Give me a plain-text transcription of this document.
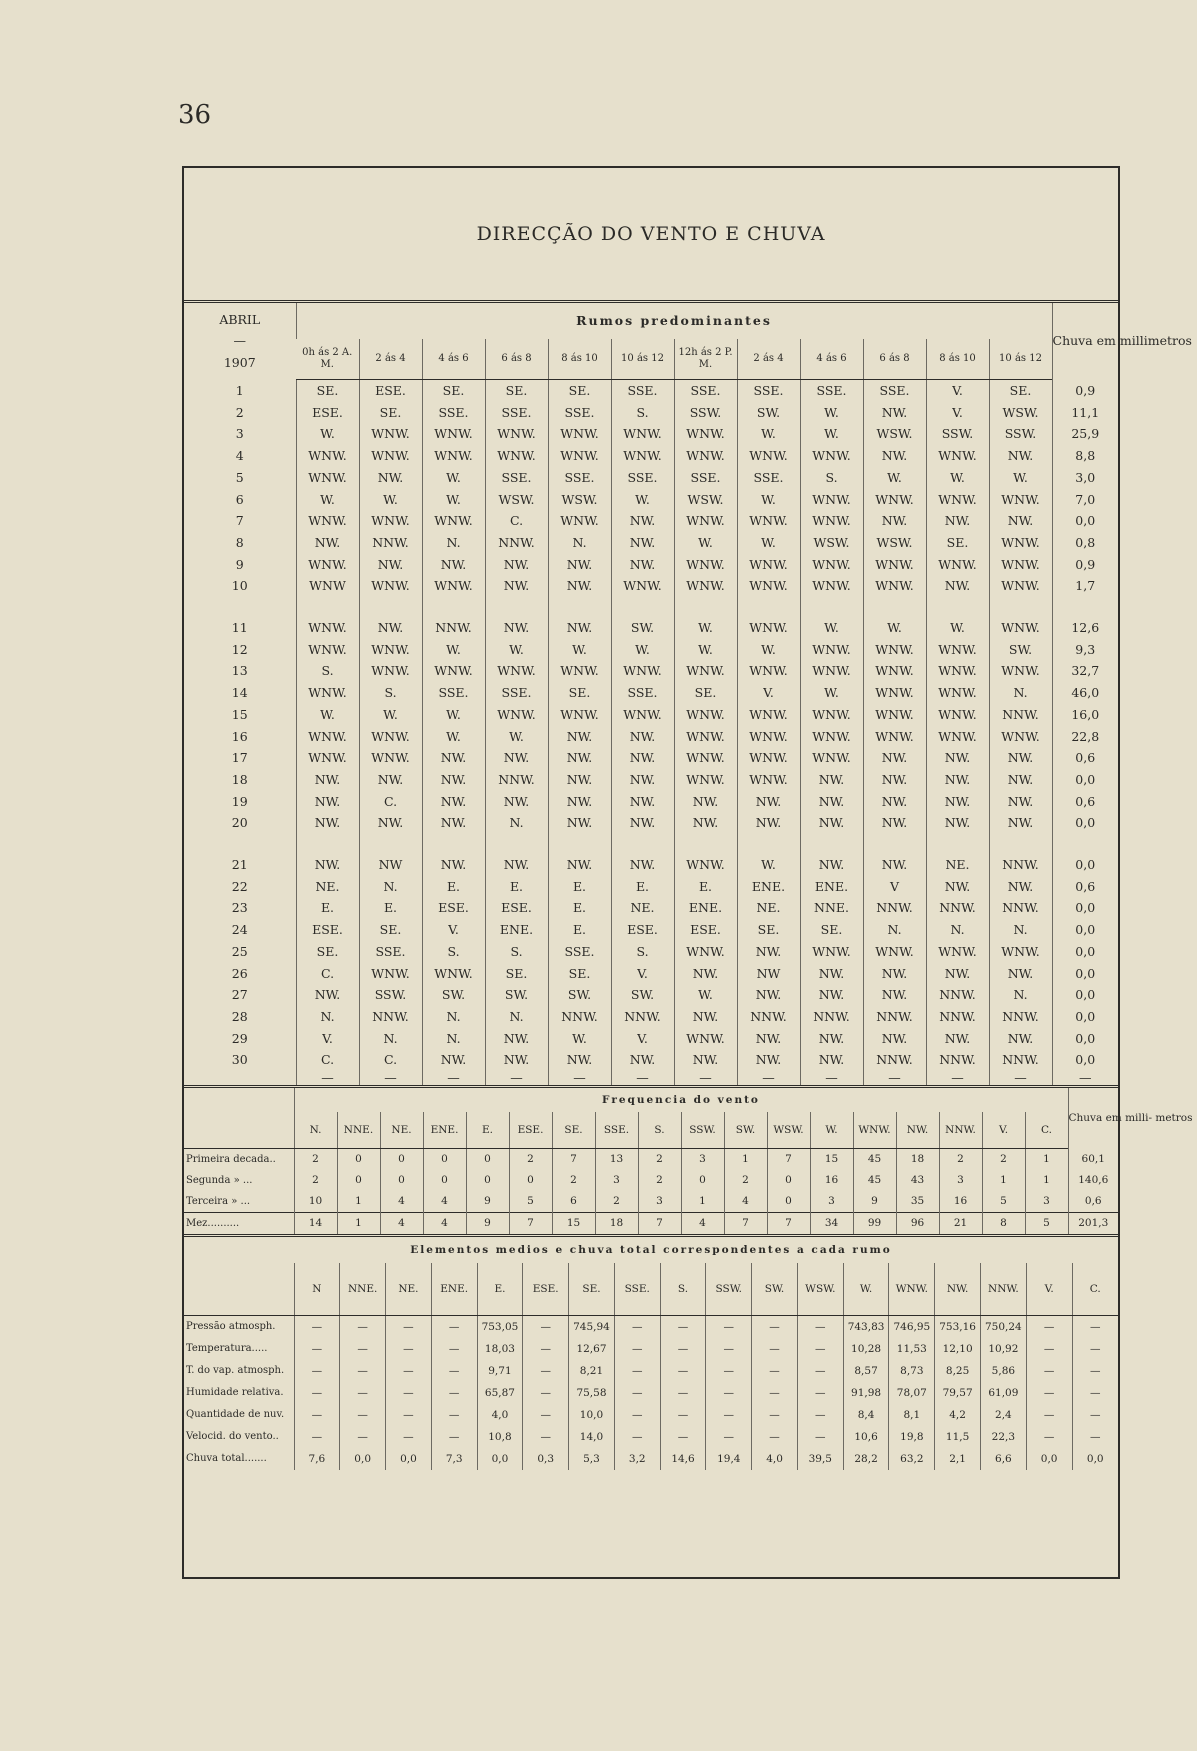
36
DIRECÇÃO DO VENTO E CHUVA
ABRIL
—
1907	Rumos predominantes												Chuva em millimetros
	0h ás 2 A. M.	2 ás 4	4 ás 6	6 ás 8	8 ás 10	10 ás 12	12h ás 2 P. M.	2 ás 4	4 ás 6	6 ás 8	8 ás 10	10 ás 12	
1	SE.	ESE.	SE.	SE.	SE.	SSE.	SSE.	SSE.	SSE.	SSE.	V.	SE.	0,9
2	ESE.	SE.	SSE.	SSE.	SSE.	S.	SSW.	SW.	W.	NW.	V.	WSW.	11,1
3	W.	WNW.	WNW.	WNW.	WNW.	WNW.	WNW.	W.	W.	WSW.	SSW.	SSW.	25,9
4	WNW.	WNW.	WNW.	WNW.	WNW.	WNW.	WNW.	WNW.	WNW.	NW.	WNW.	NW.	8,8
5	WNW.	NW.	W.	SSE.	SSE.	SSE.	SSE.	SSE.	S.	W.	W.	W.	3,0
6	W.	W.	W.	WSW.	WSW.	W.	WSW.	W.	WNW.	WNW.	WNW.	WNW.	7,0
7	WNW.	WNW.	WNW.	C.	WNW.	NW.	WNW.	WNW.	WNW.	NW.	NW.	NW.	0,0
8	NW.	NNW.	N.	NNW.	N.	NW.	W.	W.	WSW.	WSW.	SE.	WNW.	0,8
9	WNW.	NW.	NW.	NW.	NW.	NW.	WNW.	WNW.	WNW.	WNW.	WNW.	WNW.	0,9
10	WNW	WNW.	WNW.	NW.	NW.	WNW.	WNW.	WNW.	WNW.	WNW.	NW.	WNW.	1,7

11	WNW.	NW.	NNW.	NW.	NW.	SW.	W.	WNW.	W.	W.	W.	WNW.	12,6
12	WNW.	WNW.	W.	W.	W.	W.	W.	W.	WNW.	WNW.	WNW.	SW.	9,3
13	S.	WNW.	WNW.	WNW.	WNW.	WNW.	WNW.	WNW.	WNW.	WNW.	WNW.	WNW.	32,7
14	WNW.	S.	SSE.	SSE.	SE.	SSE.	SE.	V.	W.	WNW.	WNW.	N.	46,0
15	W.	W.	W.	WNW.	WNW.	WNW.	WNW.	WNW.	WNW.	WNW.	WNW.	NNW.	16,0
16	WNW.	WNW.	W.	W.	NW.	NW.	WNW.	WNW.	WNW.	WNW.	WNW.	WNW.	22,8
17	WNW.	WNW.	NW.	NW.	NW.	NW.	WNW.	WNW.	WNW.	NW.	NW.	NW.	0,6
18	NW.	NW.	NW.	NNW.	NW.	NW.	WNW.	WNW.	NW.	NW.	NW.	NW.	0,0
19	NW.	C.	NW.	NW.	NW.	NW.	NW.	NW.	NW.	NW.	NW.	NW.	0,6
20	NW.	NW.	NW.	N.	NW.	NW.	NW.	NW.	NW.	NW.	NW.	NW.	0,0

21	NW.	NW	NW.	NW.	NW.	NW.	WNW.	W.	NW.	NW.	NE.	NNW.	0,0
22	NE.	N.	E.	E.	E.	E.	E.	ENE.	ENE.	V	NW.	NW.	0,6
23	E.	E.	ESE.	ESE.	E.	NE.	ENE.	NE.	NNE.	NNW.	NNW.	NNW.	0,0
24	ESE.	SE.	V.	ENE.	E.	ESE.	ESE.	SE.	SE.	N.	N.	N.	0,0
25	SE.	SSE.	S.	S.	SSE.	S.	WNW.	NW.	WNW.	WNW.	WNW.	WNW.	0,0
26	C.	WNW.	WNW.	SE.	SE.	V.	NW.	NW	NW.	NW.	NW.	NW.	0,0
27	NW.	SSW.	SW.	SW.	SW.	SW.	W.	NW.	NW.	NW.	NNW.	N.	0,0
28	N.	NNW.	N.	N.	NNW.	NNW.	NW.	NNW.	NNW.	NNW.	NNW.	NNW.	0,0
29	V.	N.	N.	NW.	W.	V.	WNW.	NW.	NW.	NW.	NW.	NW.	0,0
30	C.	C.	NW.	NW.	NW.	NW.	NW.	NW.	NW.	NNW.	NNW.	NNW.	0,0
	—	—	—	—	—	—	—	—	—	—	—	—	—
	Frequencia do vento																		Chuva em milli- metros
	N.	NNE.	NE.	ENE.	E.	ESE.	SE.	SSE.	S.	SSW.	SW.	WSW.	W.	WNW.	NW.	NNW.	V.	C.	
Primeira decada..	2	0	0	0	0	2	7	13	2	3	1	7	15	45	18	2	2	1	60,1
Segunda » ...	2	0	0	0	0	0	2	3	2	0	2	0	16	45	43	3	1	1	140,6
Terceira » ...	10	1	4	4	9	5	6	2	3	1	4	0	3	9	35	16	5	3	0,6
Mez..........	14	1	4	4	9	7	15	18	7	4	7	7	34	99	96	21	8	5	201,3
Elementos medios e chuva total correspondentes a cada rumo																		
	N	NNE.	NE.	ENE.	E.	ESE.	SE.	SSE.	S.	SSW.	SW.	WSW.	W.	WNW.	NW.	NNW.	V.	C.
Pressão atmosph.	—	—	—	—	753,05	—	745,94	—	—	—	—	—	743,83	746,95	753,16	750,24	—	—
Temperatura.....	—	—	—	—	18,03	—	12,67	—	—	—	—	—	10,28	11,53	12,10	10,92	—	—
T. do vap. atmosph.	—	—	—	—	9,71	—	8,21	—	—	—	—	—	8,57	8,73	8,25	5,86	—	—
Humidade relativa.	—	—	—	—	65,87	—	75,58	—	—	—	—	—	91,98	78,07	79,57	61,09	—	—
Quantidade de nuv.	—	—	—	—	4,0	—	10,0	—	—	—	—	—	8,4	8,1	4,2	2,4	—	—
Velocid. do vento..	—	—	—	—	10,8	—	14,0	—	—	—	—	—	10,6	19,8	11,5	22,3	—	—
Chuva total.......	7,6	0,0	0,0	7,3	0,0	0,3	5,3	3,2	14,6	19,4	4,0	39,5	28,2	63,2	2,1	6,6	0,0	0,0
